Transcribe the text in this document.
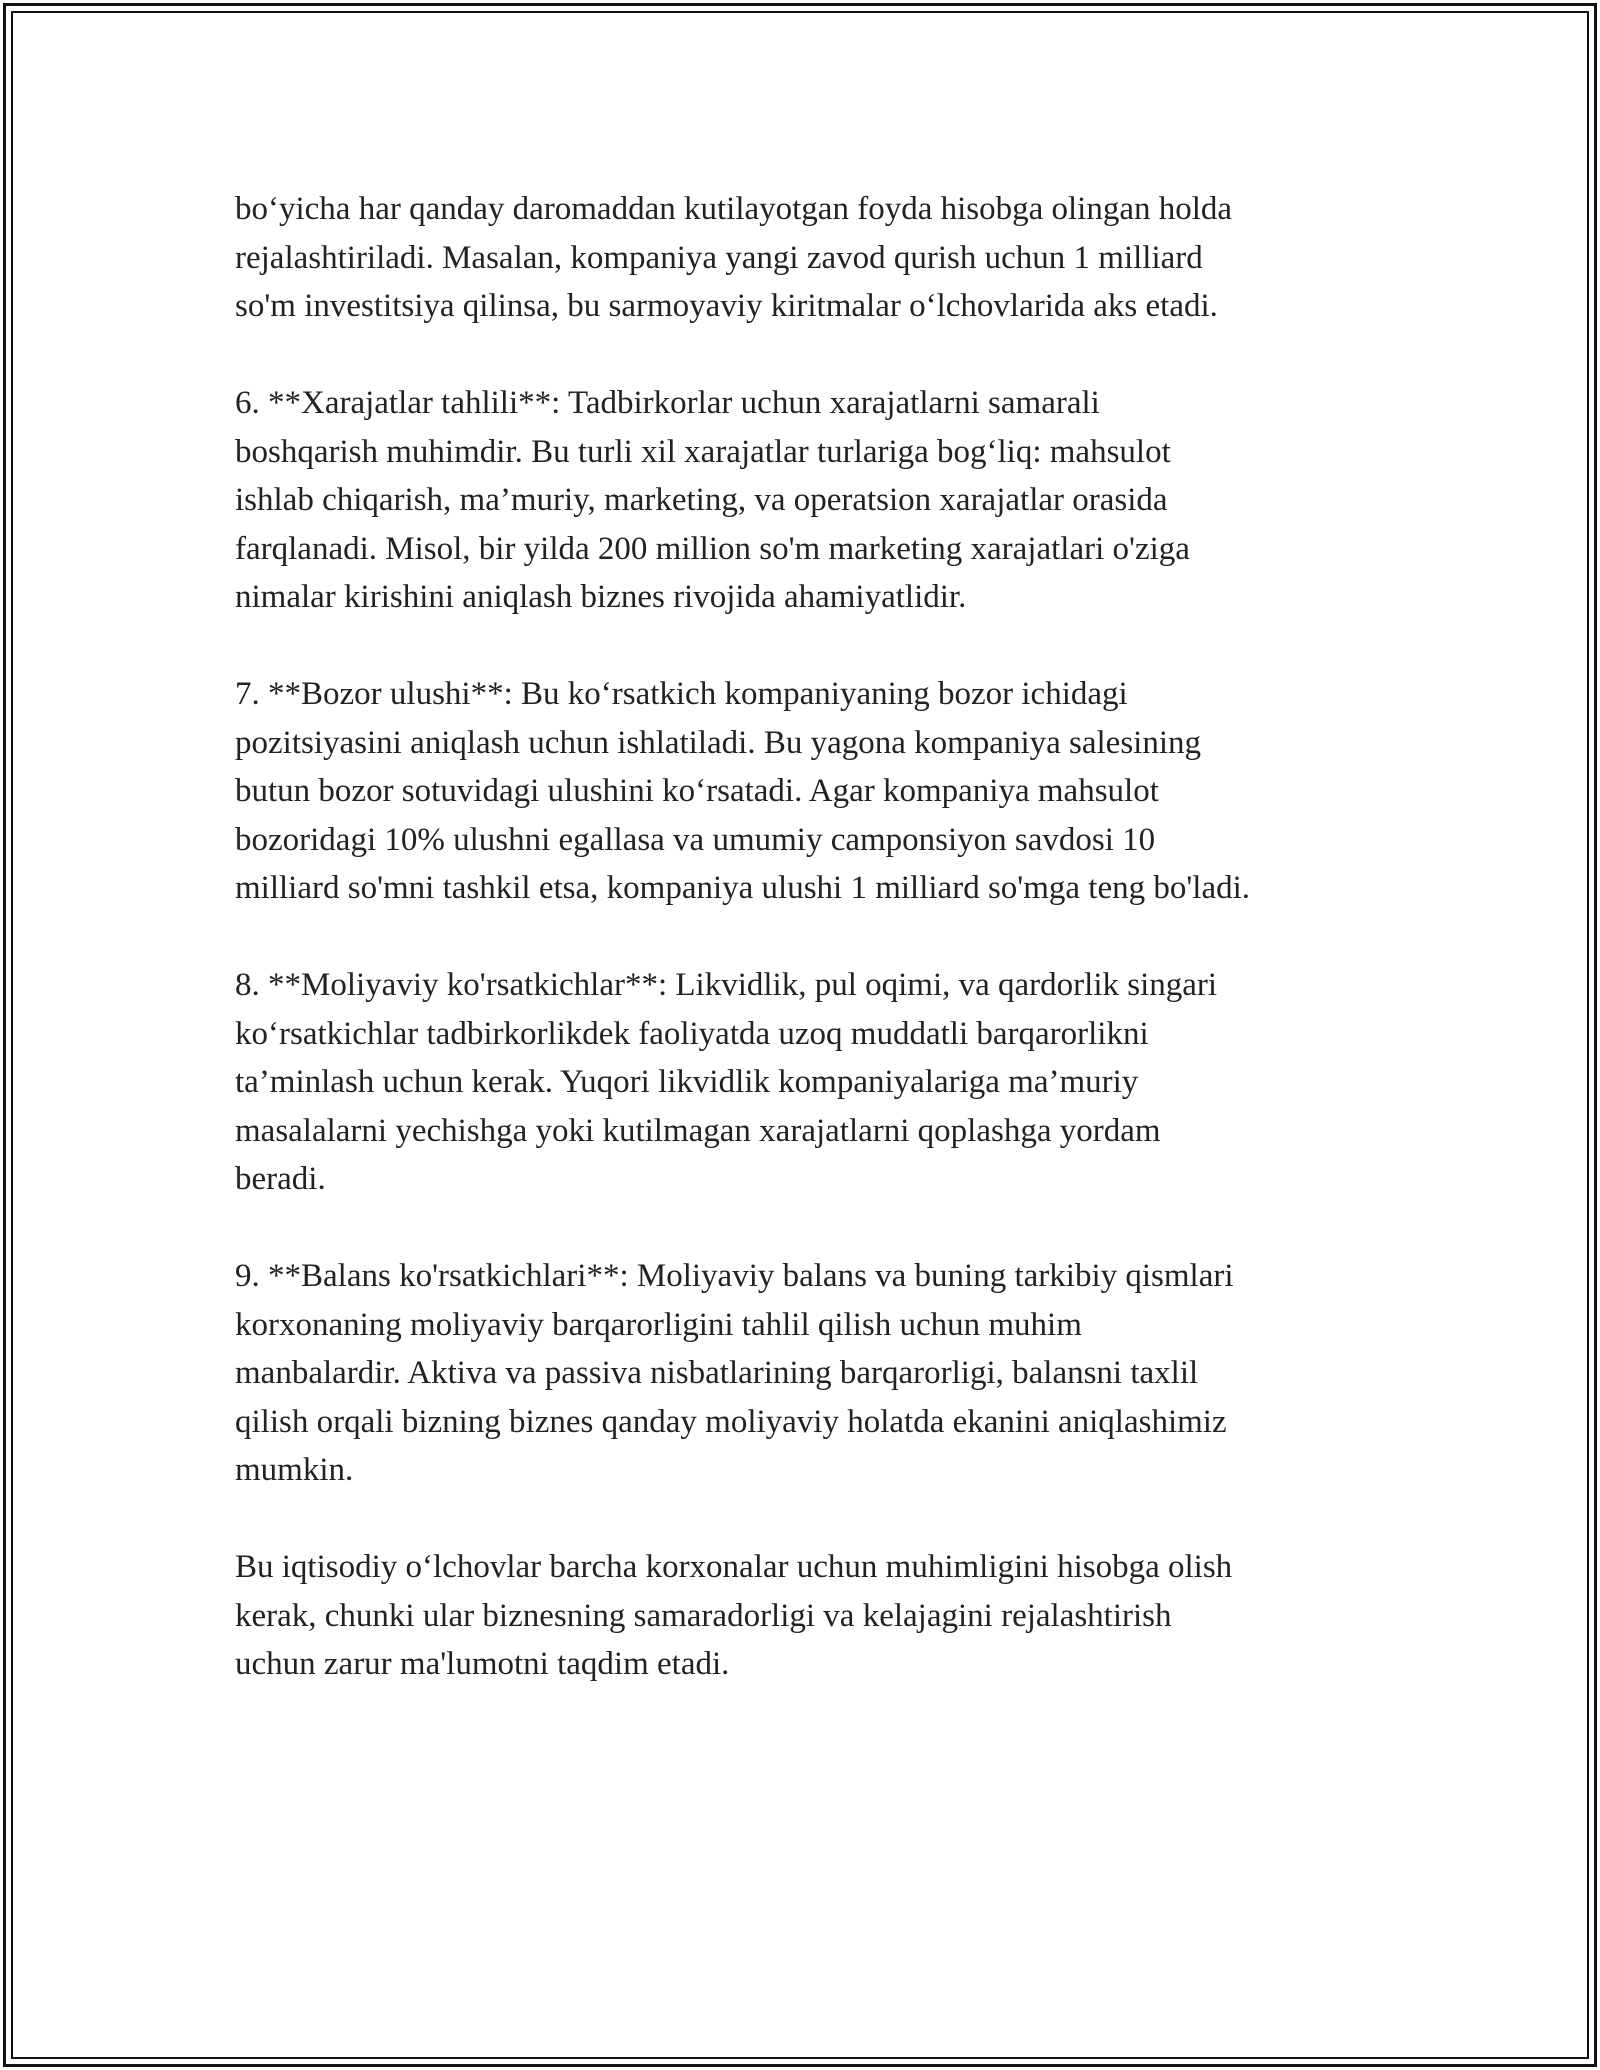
bo‘yicha har qanday daromaddan kutilayotgan foyda hisobga olingan holda
rejalashtiriladi. Masalan, kompaniya yangi zavod qurish uchun 1 milliard
so'm investitsiya qilinsa, bu sarmoyaviy kiritmalar o‘lchovlarida aks etadi.

6. **Xarajatlar tahlili**: Tadbirkorlar uchun xarajatlarni samarali
boshqarish muhimdir. Bu turli xil xarajatlar turlariga bog‘liq: mahsulot
ishlab chiqarish, ma’muriy, marketing, va operatsion xarajatlar orasida
farqlanadi. Misol, bir yilda 200 million so'm marketing xarajatlari o'ziga
nimalar kirishini aniqlash biznes rivojida ahamiyatlidir.

7. **Bozor ulushi**: Bu ko‘rsatkich kompaniyaning bozor ichidagi
pozitsiyasini aniqlash uchun ishlatiladi. Bu yagona kompaniya salesining
butun bozor sotuvidagi ulushini ko‘rsatadi. Agar kompaniya mahsulot
bozoridagi 10% ulushni egallasa va umumiy camponsiyon savdosi 10
milliard so'mni tashkil etsa, kompaniya ulushi 1 milliard so'mga teng bo'ladi.

8. **Moliyaviy ko'rsatkichlar**: Likvidlik, pul oqimi, va qardorlik singari
ko‘rsatkichlar tadbirkorlikdek faoliyatda uzoq muddatli barqarorlikni
ta’minlash uchun kerak. Yuqori likvidlik kompaniyalariga ma’muriy
masalalarni yechishga yoki kutilmagan xarajatlarni qoplashga yordam
beradi.

9. **Balans ko'rsatkichlari**: Moliyaviy balans va buning tarkibiy qismlari
korxonaning moliyaviy barqarorligini tahlil qilish uchun muhim
manbalardir. Aktiva va passiva nisbatlarining barqarorligi, balansni taxlil
qilish orqali bizning biznes qanday moliyaviy holatda ekanini aniqlashimiz
mumkin.

Bu iqtisodiy o‘lchovlar barcha korxonalar uchun muhimligini hisobga olish
kerak, chunki ular biznesning samaradorligi va kelajagini rejalashtirish
uchun zarur ma'lumotni taqdim etadi.
